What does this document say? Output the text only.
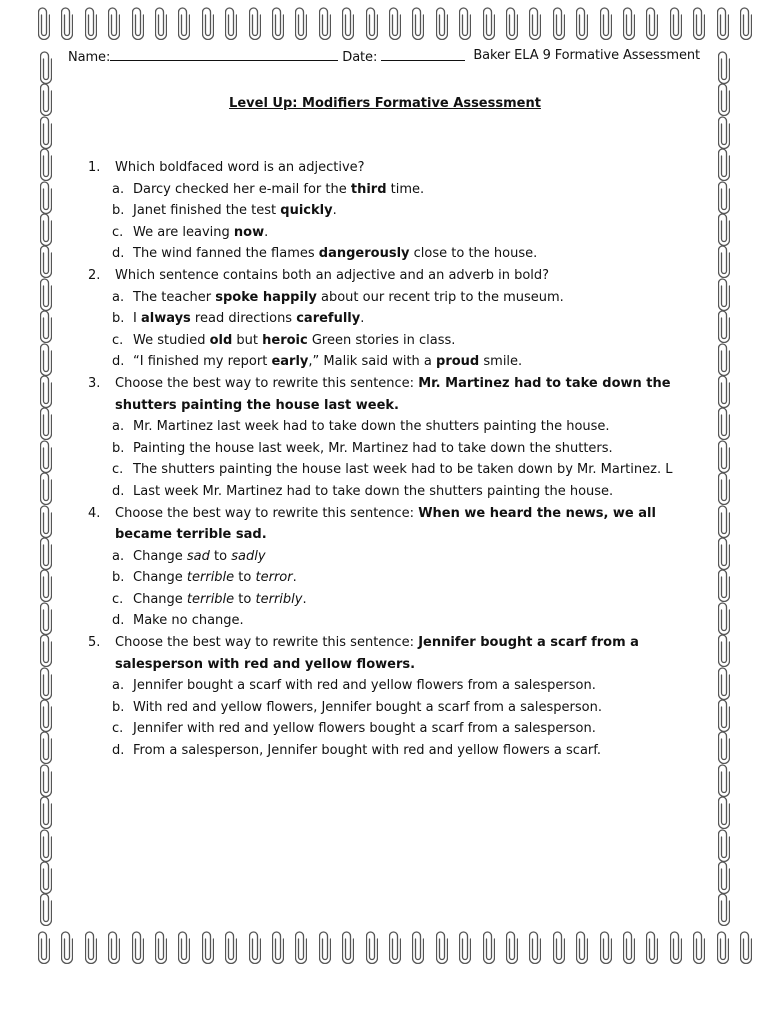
Name:	Date:	Baker ELA 9 Formative Assessment
Level Up: Modifiers Formative Assessment
1. Which boldfaced word is an adjective?
a. Darcy checked her e-mail for the third time.
b. Janet finished the test quickly.
c. We are leaving now.
d. The wind fanned the flames dangerously close to the house.
2. Which sentence contains both an adjective and an adverb in bold?
a. The teacher spoke happily about our recent trip to the museum.
b. I always read directions carefully.
c. We studied old but heroic Green stories in class.
d. “I finished my report early,” Malik said with a proud smile.
3. Choose the best way to rewrite this sentence: Mr. Martinez had to take down the shutters painting the house last week.
a. Mr. Martinez last week had to take down the shutters painting the house.
b. Painting the house last week, Mr. Martinez had to take down the shutters.
c. The shutters painting the house last week had to be taken down by Mr. Martinez. L
d. Last week Mr. Martinez had to take down the shutters painting the house.
4. Choose the best way to rewrite this sentence: When we heard the news, we all became terrible sad.
a. Change sad to sadly
b. Change terrible to terror.
c. Change terrible to terribly.
d. Make no change.
5. Choose the best way to rewrite this sentence: Jennifer bought a scarf from a salesperson with red and yellow flowers.
a. Jennifer bought a scarf with red and yellow flowers from a salesperson.
b. With red and yellow flowers, Jennifer bought a scarf from a salesperson.
c. Jennifer with red and yellow flowers bought a scarf from a salesperson.
d. From a salesperson, Jennifer bought with red and yellow flowers a scarf.
